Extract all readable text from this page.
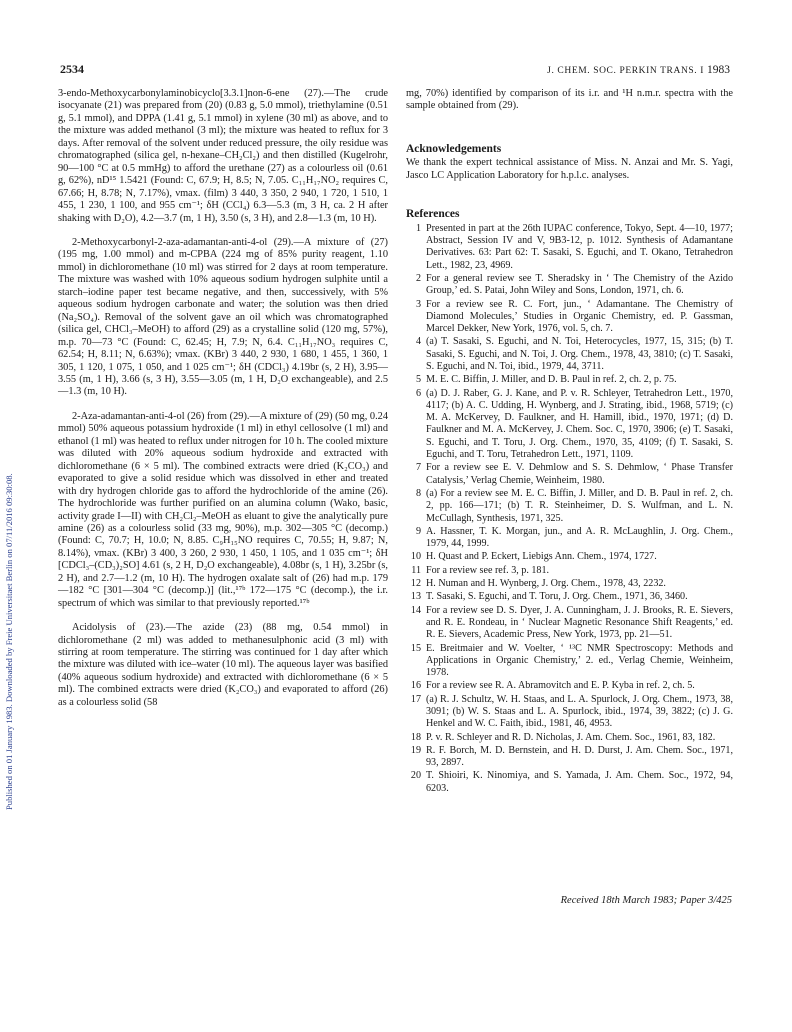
Published on 01 January 1983. Downloaded by Freie Universitaet Berlin on 07/11/2016 09:30:08.
2534	J. CHEM. SOC. PERKIN TRANS. I 1983

3-endo-Methoxycarbonylaminobicyclo[3.3.1]non-6-ene (27).—The crude isocyanate (21) was prepared from (20) (0.83 g, 5.0 mmol), triethylamine (0.51 g, 5.1 mmol), and DPPA (1.41 g, 5.1 mmol) in xylene (30 ml) as above, and to the mixture was added methanol (3 ml); the mixture was heated to reflux for 3 days. After removal of the solvent under reduced pressure, the oily residue was chromatographed (silica gel, n-hexane–CH₂Cl₂) and then distilled (Kugelrohr, 90—100 °C at 0.5 mmHg) to afford the urethane (27) as a colourless oil (0.61 g, 62%), nD¹⁵ 1.5421 (Found: C, 67.9; H, 8.5; N, 7.05. C₁₁H₁₇NO₂ requires C, 67.66; H, 8.78; N, 7.17%), νmax. (film) 3 440, 3 350, 2 940, 1 720, 1 510, 1 455, 1 230, 1 100, and 955 cm⁻¹; δH (CCl₄) 6.3—5.3 (m, 3 H, ca. 2 H after shaking with D₂O), 4.2—3.7 (m, 1 H), 3.50 (s, 3 H), and 2.8—1.3 (m, 10 H).

2-Methoxycarbonyl-2-aza-adamantan-anti-4-ol (29).—A mixture of (27) (195 mg, 1.00 mmol) and m-CPBA (224 mg of 85% purity reagent, 1.10 mmol) in dichloromethane (10 ml) was stirred for 2 days at room temperature. The mixture was washed with 10% aqueous sodium hydrogen sulphite until a starch–iodine paper test became negative, and then, successively, with 5% aqueous sodium hydrogen carbonate and water; the solution was then dried (Na₂SO₄). Removal of the solvent gave an oil which was chromatographed (silica gel, CHCl₃–MeOH) to afford (29) as a crystalline solid (120 mg, 57%), m.p. 70—73 °C (Found: C, 62.45; H, 7.9; N, 6.4. C₁₁H₁₇NO₃ requires C, 62.54; H, 8.11; N, 6.63%); νmax. (KBr) 3 440, 2 930, 1 680, 1 455, 1 360, 1 305, 1 120, 1 075, 1 050, and 1 025 cm⁻¹; δH (CDCl₃) 4.19br (s, 2 H), 3.95—3.55 (m, 1 H), 3.66 (s, 3 H), 3.55—3.05 (m, 1 H, D₂O exchangeable), and 2.5—1.3 (m, 10 H).

2-Aza-adamantan-anti-4-ol (26) from (29).—A mixture of (29) (50 mg, 0.24 mmol) 50% aqueous potassium hydroxide (1 ml) in ethyl cellosolve (1 ml) and ethanol (1 ml) was heated to reflux under nitrogen for 10 h. The cooled mixture was diluted with 20% aqueous sodium hydroxide and extracted with dichloromethane (6 × 5 ml). The combined extracts were dried (K₂CO₃) and evaporated to give a solid residue which was dissolved in ether and treated with dry hydrogen chloride gas to afford the hydrochloride of the amine (26). The hydrochloride was further purified on an alumina column (Wako, basic, activity grade I—II) with CH₂Cl₂–MeOH as eluant to give the analytically pure amine (26) as a colourless solid (33 mg, 90%), m.p. 302—305 °C (decomp.) (Found: C, 70.7; H, 10.0; N, 8.85. C₉H₁₅NO requires C, 70.55; H, 9.87; N, 8.14%), νmax. (KBr) 3 400, 3 260, 2 930, 1 450, 1 105, and 1 035 cm⁻¹; δH [CDCl₃–(CD₃)₂SO] 4.61 (s, 2 H, D₂O exchangeable), 4.08br (s, 1 H), 3.25br (s, 2 H), and 2.7—1.2 (m, 10 H). The hydrogen oxalate salt of (26) had m.p. 179—182 °C [301—304 °C (decomp.)] (lit.,¹⁷ᵇ 172—175 °C (decomp.), the i.r. spectrum of which was similar to that previously reported.¹⁷ᵇ

Acidolysis of (23).—The azide (23) (88 mg, 0.54 mmol) in dichloromethane (2 ml) was added to methanesulphonic acid (3 ml) with stirring at room temperature. The stirring was continued for 1 day after which the mixture was diluted with ice–water (10 ml). The aqueous layer was basified (40% aqueous sodium hydroxide) and extracted with dichloromethane (6 × 5 ml). The combined extracts were dried (K₂CO₃) and evaporated to afford (26) as a colourless solid (58

mg, 70%) identified by comparison of its i.r. and ¹H n.m.r. spectra with the sample obtained from (29).

Acknowledgements

We thank the expert technical assistance of Miss. N. Anzai and Mr. S. Yagi, Jasco LC Application Laboratory for h.p.l.c. analyses.

References
1 Presented in part at the 26th IUPAC conference, Tokyo, Sept. 4—10, 1977; Abstract, Session IV and V, 9B3-12, p. 1012. Synthesis of Adamantane Derivatives. 63: Part 62: T. Sasaki, S. Eguchi, and T. Okano, Tetrahedron Lett., 1982, 23, 4969.
2 For a general review see T. Sheradsky in ‘ The Chemistry of the Azido Group,’ ed. S. Patai, John Wiley and Sons, London, 1971, ch. 6.
3 For a review see R. C. Fort, jun., ‘ Adamantane. The Chemistry of Diamond Molecules,’ Studies in Organic Chemistry, ed. P. Gassman, Marcel Dekker, New York, 1976, vol. 5, ch. 7.
4 (a) T. Sasaki, S. Eguchi, and N. Toi, Heterocycles, 1977, 15, 315; (b) T. Sasaki, S. Eguchi, and N. Toi, J. Org. Chem., 1978, 43, 3810; (c) T. Sasaki, S. Eguchi, and N. Toi, ibid., 1979, 44, 3711.
5 M. E. C. Biffin, J. Miller, and D. B. Paul in ref. 2, ch. 2, p. 75.
6 (a) D. J. Raber, G. J. Kane, and P. v. R. Schleyer, Tetrahedron Lett., 1970, 4117; (b) A. C. Udding, H. Wynberg, and J. Strating, ibid., 1968, 5719; (c) M. A. McKervey, D. Faulkner, and H. Hamill, ibid., 1970, 1971; (d) D. Faulkner and M. A. McKervey, J. Chem. Soc. C, 1970, 3906; (e) T. Sasaki, S. Eguchi, and T. Toru, J. Org. Chem., 1970, 35, 4109; (f) T. Sasaki, S. Eguchi, and T. Toru, Tetrahedron Lett., 1971, 1109.
7 For a review see E. V. Dehmlow and S. S. Dehmlow, ‘ Phase Transfer Catalysis,’ Verlag Chemie, Weinheim, 1980.
8 (a) For a review see M. E. C. Biffin, J. Miller, and D. B. Paul in ref. 2, ch. 2, pp. 166—171; (b) T. R. Steinheimer, D. S. Wulfman, and L. N. McCullagh, Synthesis, 1971, 325.
9 A. Hassner, T. K. Morgan, jun., and A. R. McLaughlin, J. Org. Chem., 1979, 44, 1999.
10 H. Quast and P. Eckert, Liebigs Ann. Chem., 1974, 1727.
11 For a review see ref. 3, p. 181.
12 H. Numan and H. Wynberg, J. Org. Chem., 1978, 43, 2232.
13 T. Sasaki, S. Eguchi, and T. Toru, J. Org. Chem., 1971, 36, 3460.
14 For a review see D. S. Dyer, J. A. Cunningham, J. J. Brooks, R. E. Sievers, and R. E. Rondeau, in ‘ Nuclear Magnetic Resonance Shift Reagents,’ ed. R. E. Sievers, Academic Press, New York, 1973, pp. 21—51.
15 E. Breitmaier and W. Voelter, ‘ ¹³C NMR Spectroscopy: Methods and Applications in Organic Chemistry,’ 2. ed., Verlag Chemie, Weinheim, 1978.
16 For a review see R. A. Abramovitch and E. P. Kyba in ref. 2, ch. 5.
17 (a) R. J. Schultz, W. H. Staas, and L. A. Spurlock, J. Org. Chem., 1973, 38, 3091; (b) W. S. Staas and L. A. Spurlock, ibid., 1974, 39, 3822; (c) J. G. Henkel and W. C. Faith, ibid., 1981, 46, 4953.
18 P. v. R. Schleyer and R. D. Nicholas, J. Am. Chem. Soc., 1961, 83, 182.
19 R. F. Borch, M. D. Bernstein, and H. D. Durst, J. Am. Chem. Soc., 1971, 93, 2897.
20 T. Shioiri, K. Ninomiya, and S. Yamada, J. Am. Chem. Soc., 1972, 94, 6203.
Received 18th March 1983; Paper 3/425
